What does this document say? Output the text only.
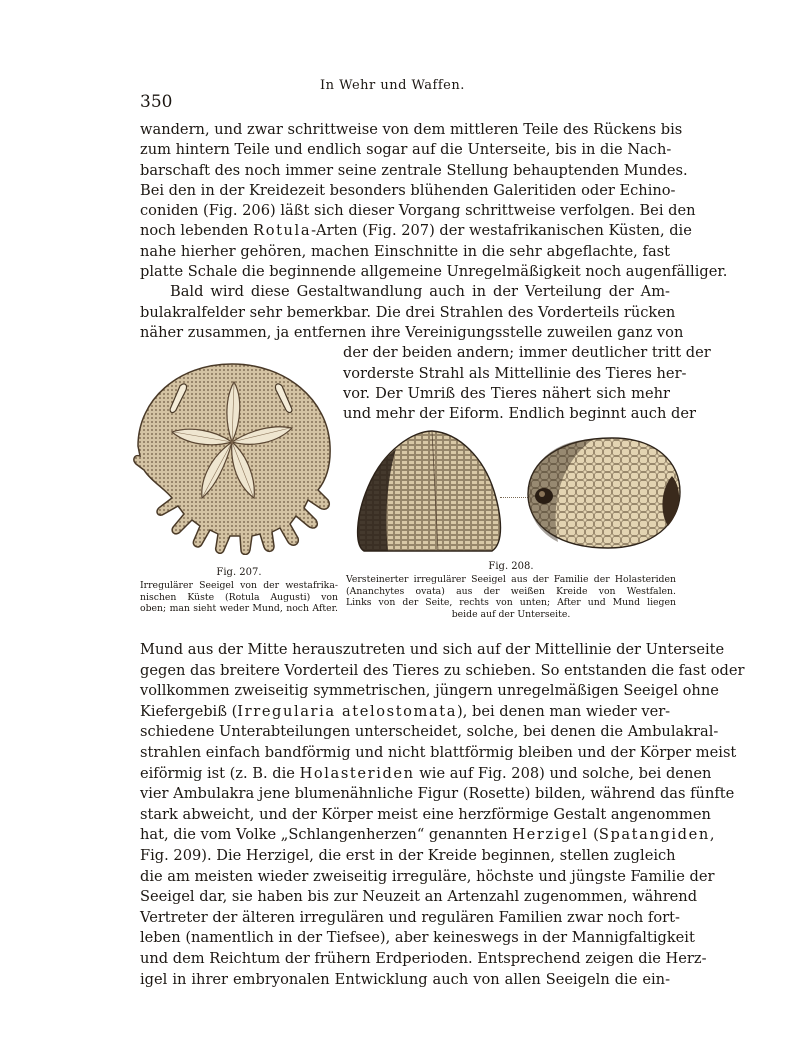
In Wehr und Waffen.
350
wandern, und zwar schrittweise von dem mittleren Teile des Rückens bis
zum hintern Teile und endlich sogar auf die Unterseite, bis in die Nach-
barschaft des noch immer seine zentrale Stellung behauptenden Mundes.
Bei den in der Kreidezeit besonders blühenden Galeritiden oder Echino-
coniden (Fig. 206) läßt sich dieser Vorgang schrittweise verfolgen. Bei den
noch lebenden Rotula-Arten (Fig. 207) der westafrikanischen Küsten, die
nahe hierher gehören, machen Einschnitte in die sehr abgeflachte, fast
platte Schale die beginnende allgemeine Unregelmäßigkeit noch augenfälliger.
Bald wird diese Gestaltwandlung auch in der Verteilung der Am-
bulakralfelder sehr bemerkbar. Die drei Strahlen des Vorderteils rücken
näher zusammen, ja entfernen ihre Vereinigungsstelle zuweilen ganz von
der der beiden andern; immer deutlicher tritt der
vorderste Strahl als Mittellinie des Tieres her-
vor. Der Umriß des Tieres nähert sich mehr
und mehr der Eiform. Endlich beginnt auch der
Fig. 207.
Irregulärer Seeigel von der westafrika-
nischen Küste (Rotula Augusti) von
oben; man sieht weder Mund, noch After.
Fig. 208.
Versteinerter irregulärer Seeigel aus der Familie der Holasteriden
(Ananchytes ovata) aus der weißen Kreide von Westfalen.
Links von der Seite, rechts von unten; After und Mund liegen
beide auf der Unterseite.
Mund aus der Mitte herauszutreten und sich auf der Mittellinie der Unterseite
gegen das breitere Vorderteil des Tieres zu schieben. So entstanden die fast oder
vollkommen zweiseitig symmetrischen, jüngern unregelmäßigen Seeigel ohne
Kiefergebiß (Irregularia atelostomata), bei denen man wieder ver-
schiedene Unterabteilungen unterscheidet, solche, bei denen die Ambulakral-
strahlen einfach bandförmig und nicht blattförmig bleiben und der Körper meist
eiförmig ist (z. B. die Holasteriden wie auf Fig. 208) und solche, bei denen
vier Ambulakra jene blumenähnliche Figur (Rosette) bilden, während das fünfte
stark abweicht, und der Körper meist eine herzförmige Gestalt angenommen
hat, die vom Volke „Schlangenherzen“ genannten Herzigel (Spatangiden,
Fig. 209). Die Herzigel, die erst in der Kreide beginnen, stellen zugleich
die am meisten wieder zweiseitig irreguläre, höchste und jüngste Familie der
Seeigel dar, sie haben bis zur Neuzeit an Artenzahl zugenommen, während
Vertreter der älteren irregulären und regulären Familien zwar noch fort-
leben (namentlich in der Tiefsee), aber keineswegs in der Mannigfaltigkeit
und dem Reichtum der frühern Erdperioden. Entsprechend zeigen die Herz-
igel in ihrer embryonalen Entwicklung auch von allen Seeigeln die ein-
